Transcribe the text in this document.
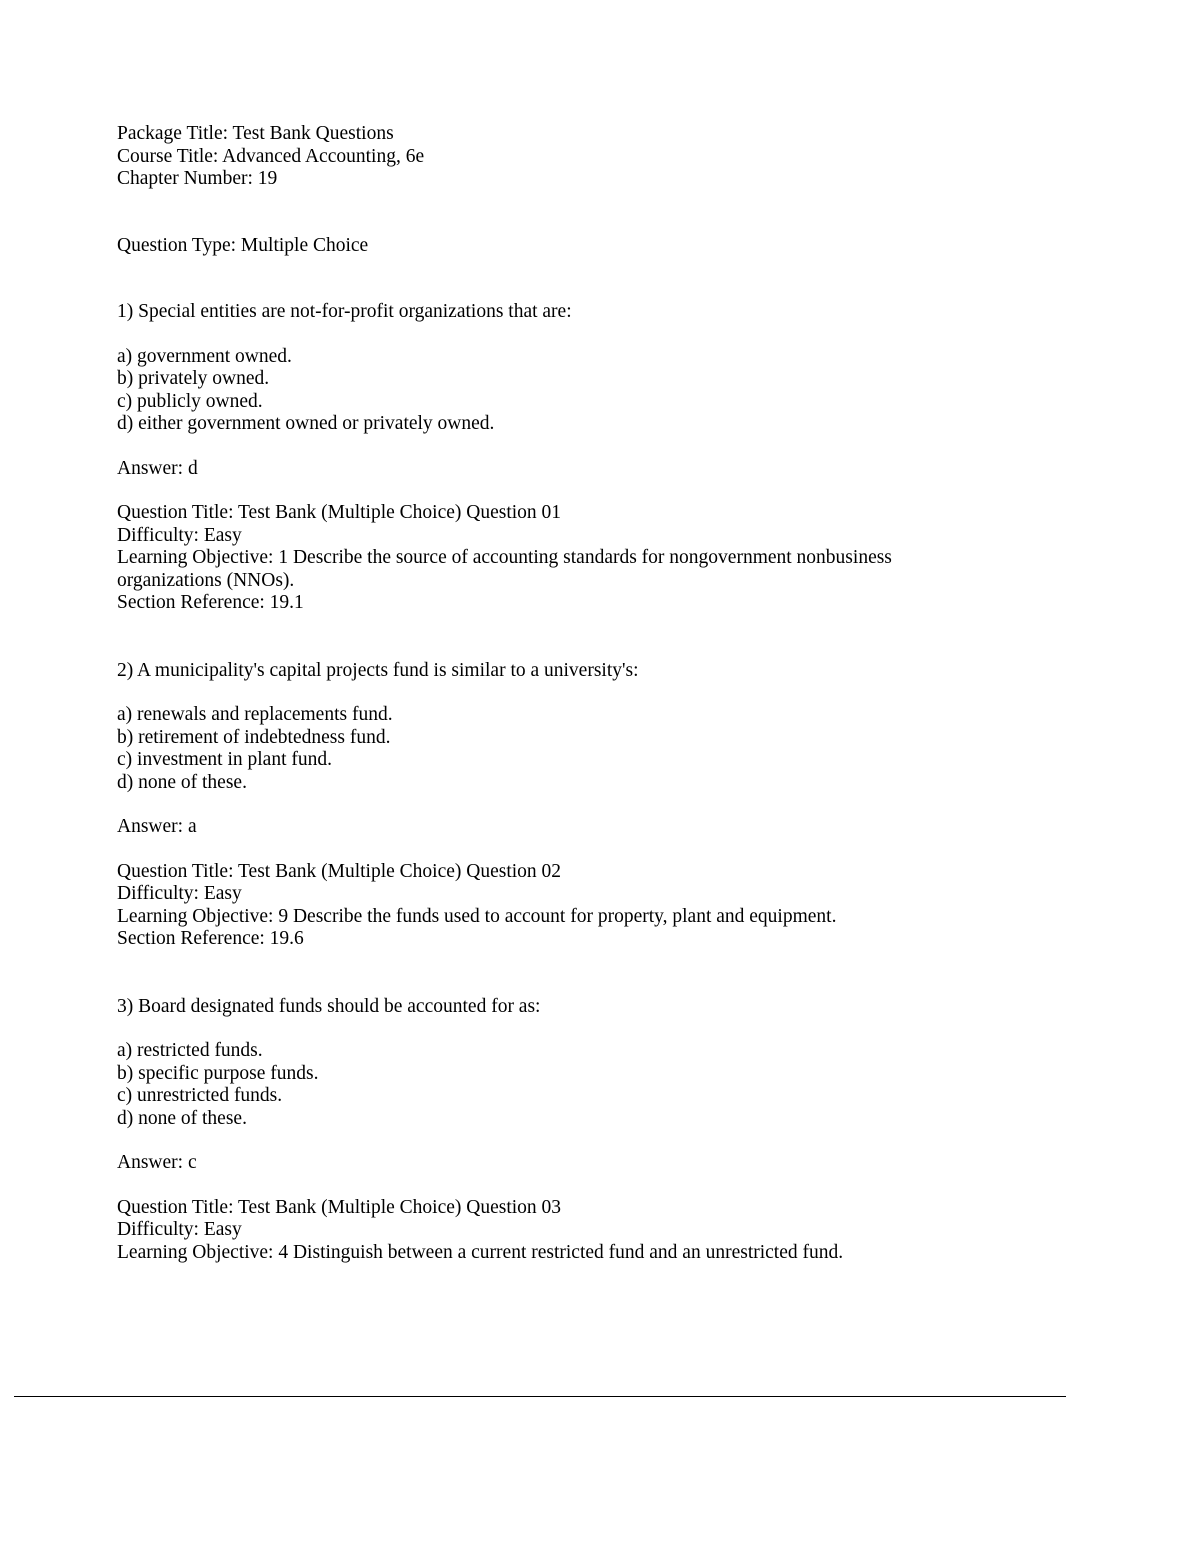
Package Title: Test Bank Questions
Course Title: Advanced Accounting, 6e
Chapter Number: 19
Question Type: Multiple Choice
1) Special entities are not-for-profit organizations that are:
a) government owned.
b) privately owned.
c) publicly owned.
d) either government owned or privately owned.
Answer: d
Question Title: Test Bank (Multiple Choice) Question 01
Difficulty: Easy
Learning Objective: 1 Describe the source of accounting standards for nongovernment nonbusiness organizations (NNOs).
Section Reference: 19.1
2) A municipality's capital projects fund is similar to a university's:
a) renewals and replacements fund.
b) retirement of indebtedness fund.
c) investment in plant fund.
d) none of these.
Answer: a
Question Title: Test Bank (Multiple Choice) Question 02
Difficulty: Easy
Learning Objective: 9 Describe the funds used to account for property, plant and equipment.
Section Reference: 19.6
3) Board designated funds should be accounted for as:
a) restricted funds.
b) specific purpose funds.
c) unrestricted funds.
d) none of these.
Answer: c
Question Title: Test Bank (Multiple Choice) Question 03
Difficulty: Easy
Learning Objective: 4 Distinguish between a current restricted fund and an unrestricted fund.
